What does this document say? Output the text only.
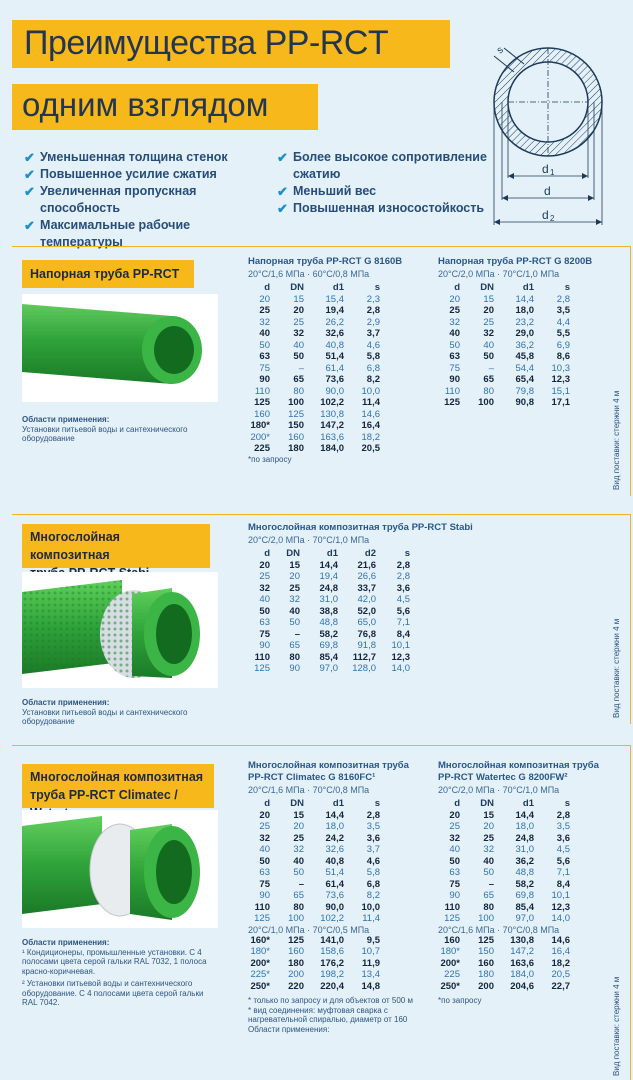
Преимущества PP-RCT
одним взглядом
✔ Уменьшенная толщина стенок
✔ Повышенное усилие сжатия
✔ Увеличенная пропускная способность
✔ Максимальные рабочие температуры
✔ Более высокое сопротивление сжатию
✔ Меньший вес
✔ Повышенная износостойкость
s
d 1
d
d 2
Напорная труба PP-RCT
Области применения:
Установки питьевой воды и сантехнического оборудование	Вид поставки: стержни 4 м
Напорная труба PP-RCT G 8160B
20°C/1,6 МПа · 60°C/0,8 МПа
d	DN	d1	s
20	15	15,4	2,3
25	20	19,4	2,8
32	25	26,2	2,9
40	32	32,6	3,7
50	40	40,8	4,6
63	50	51,4	5,8
75	–	61,4	6,8
90	65	73,6	8,2
110	80	90,0	10,0
125	100	102,2	11,4
160	125	130,8	14,6
180*	150	147,2	16,4
200*	160	163,6	18,2
225	180	184,0	20,5
*по запросу
Напорная труба PP-RCT G 8200B
20°C/2,0 МПа · 70°C/1,0 МПа
d	DN	d1	s
20	15	14,4	2,8
25	20	18,0	3,5
32	25	23,2	4,4
40	32	29,0	5,5
50	40	36,2	6,9
63	50	45,8	8,6
75	–	54,4	10,3
90	65	65,4	12,3
110	80	79,8	15,1
125	100	90,8	17,1
Многослойная композитная
Области применения:
Установки питьевой воды и сантехнического оборудование
Вид поставки: стержни 4 м
Многослойная композитная труба PP-RCT Stabi
20°C/2,0 МПа · 70°C/1,0 МПа
d	DN	d1	d2	s
20	15	14,4	21,6	2,8
25	20	19,4	26,6	2,8
32	25	24,8	33,7	3,6
40	32	31,0	42,0	4,5
50	40	38,8	52,0	5,6
63	50	48,8	65,0	7,1
75	–	58,2	76,8	8,4
90	65	69,8	91,8	10,1
110	80	85,4	112,7	12,3
125	90	97,0	128,0	14,0
Многослойная композитная
труба PP-RCT Climatec /
Области применения:

¹ Кондиционеры, промышленные установки. С 4 полосами цвета серой гальки RAL 7032, 1 полоса красно-коричневая.
² Установки питьевой воды и сантехнического оборудование. С 4 полосами цвета серой гальки RAL 7042.	Вид поставки: стержни 4 м
Многослойная композитная труба
PP-RCT Climatec G 8160FC¹
20°C/1,6 МПа · 70°C/0,8 МПа
d	DN	d1	s
20	15	14,4	2,8
25	20	18,0	3,5
32	25	24,2	3,6
40	32	32,6	3,7
50	40	40,8	4,6
63	50	51,4	5,8
75	–	61,4	6,8
90	65	73,6	8,2
110	80	90,0	10,0
125	100	102,2	11,4
20°C/1,0 МПа · 70°C/0,5 МПа
160*	125	141,0	9,5
180*	160	158,6	10,7
200*	180	176,2	11,9
225*	200	198,2	13,4
250*	220	220,4	14,8
* только по запросу и для объектов от 500 м
* вид соединения: муфтовая сварка с нагревательной спиралью, диаметр от 160 Области применения:
Многослойная композитная труба
PP-RCT Watertec G 8200FW²
20°C/2,0 МПа · 70°C/1,0 МПа
d	DN	d1	s
20	15	14,4	2,8
25	20	18,0	3,5
32	25	24,8	3,6
40	32	31,0	4,5
50	40	36,2	5,6
63	50	48,8	7,1
75	–	58,2	8,4
90	65	69,8	10,1
110	80	85,4	12,3
125	100	97,0	14,0
20°C/1,6 МПа · 70°C/0,8 МПа
160	125	130,8	14,6
180*	150	147,2	16,4
200*	160	163,6	18,2
225	180	184,0	20,5
250*	200	204,6	22,7
*по запросу
